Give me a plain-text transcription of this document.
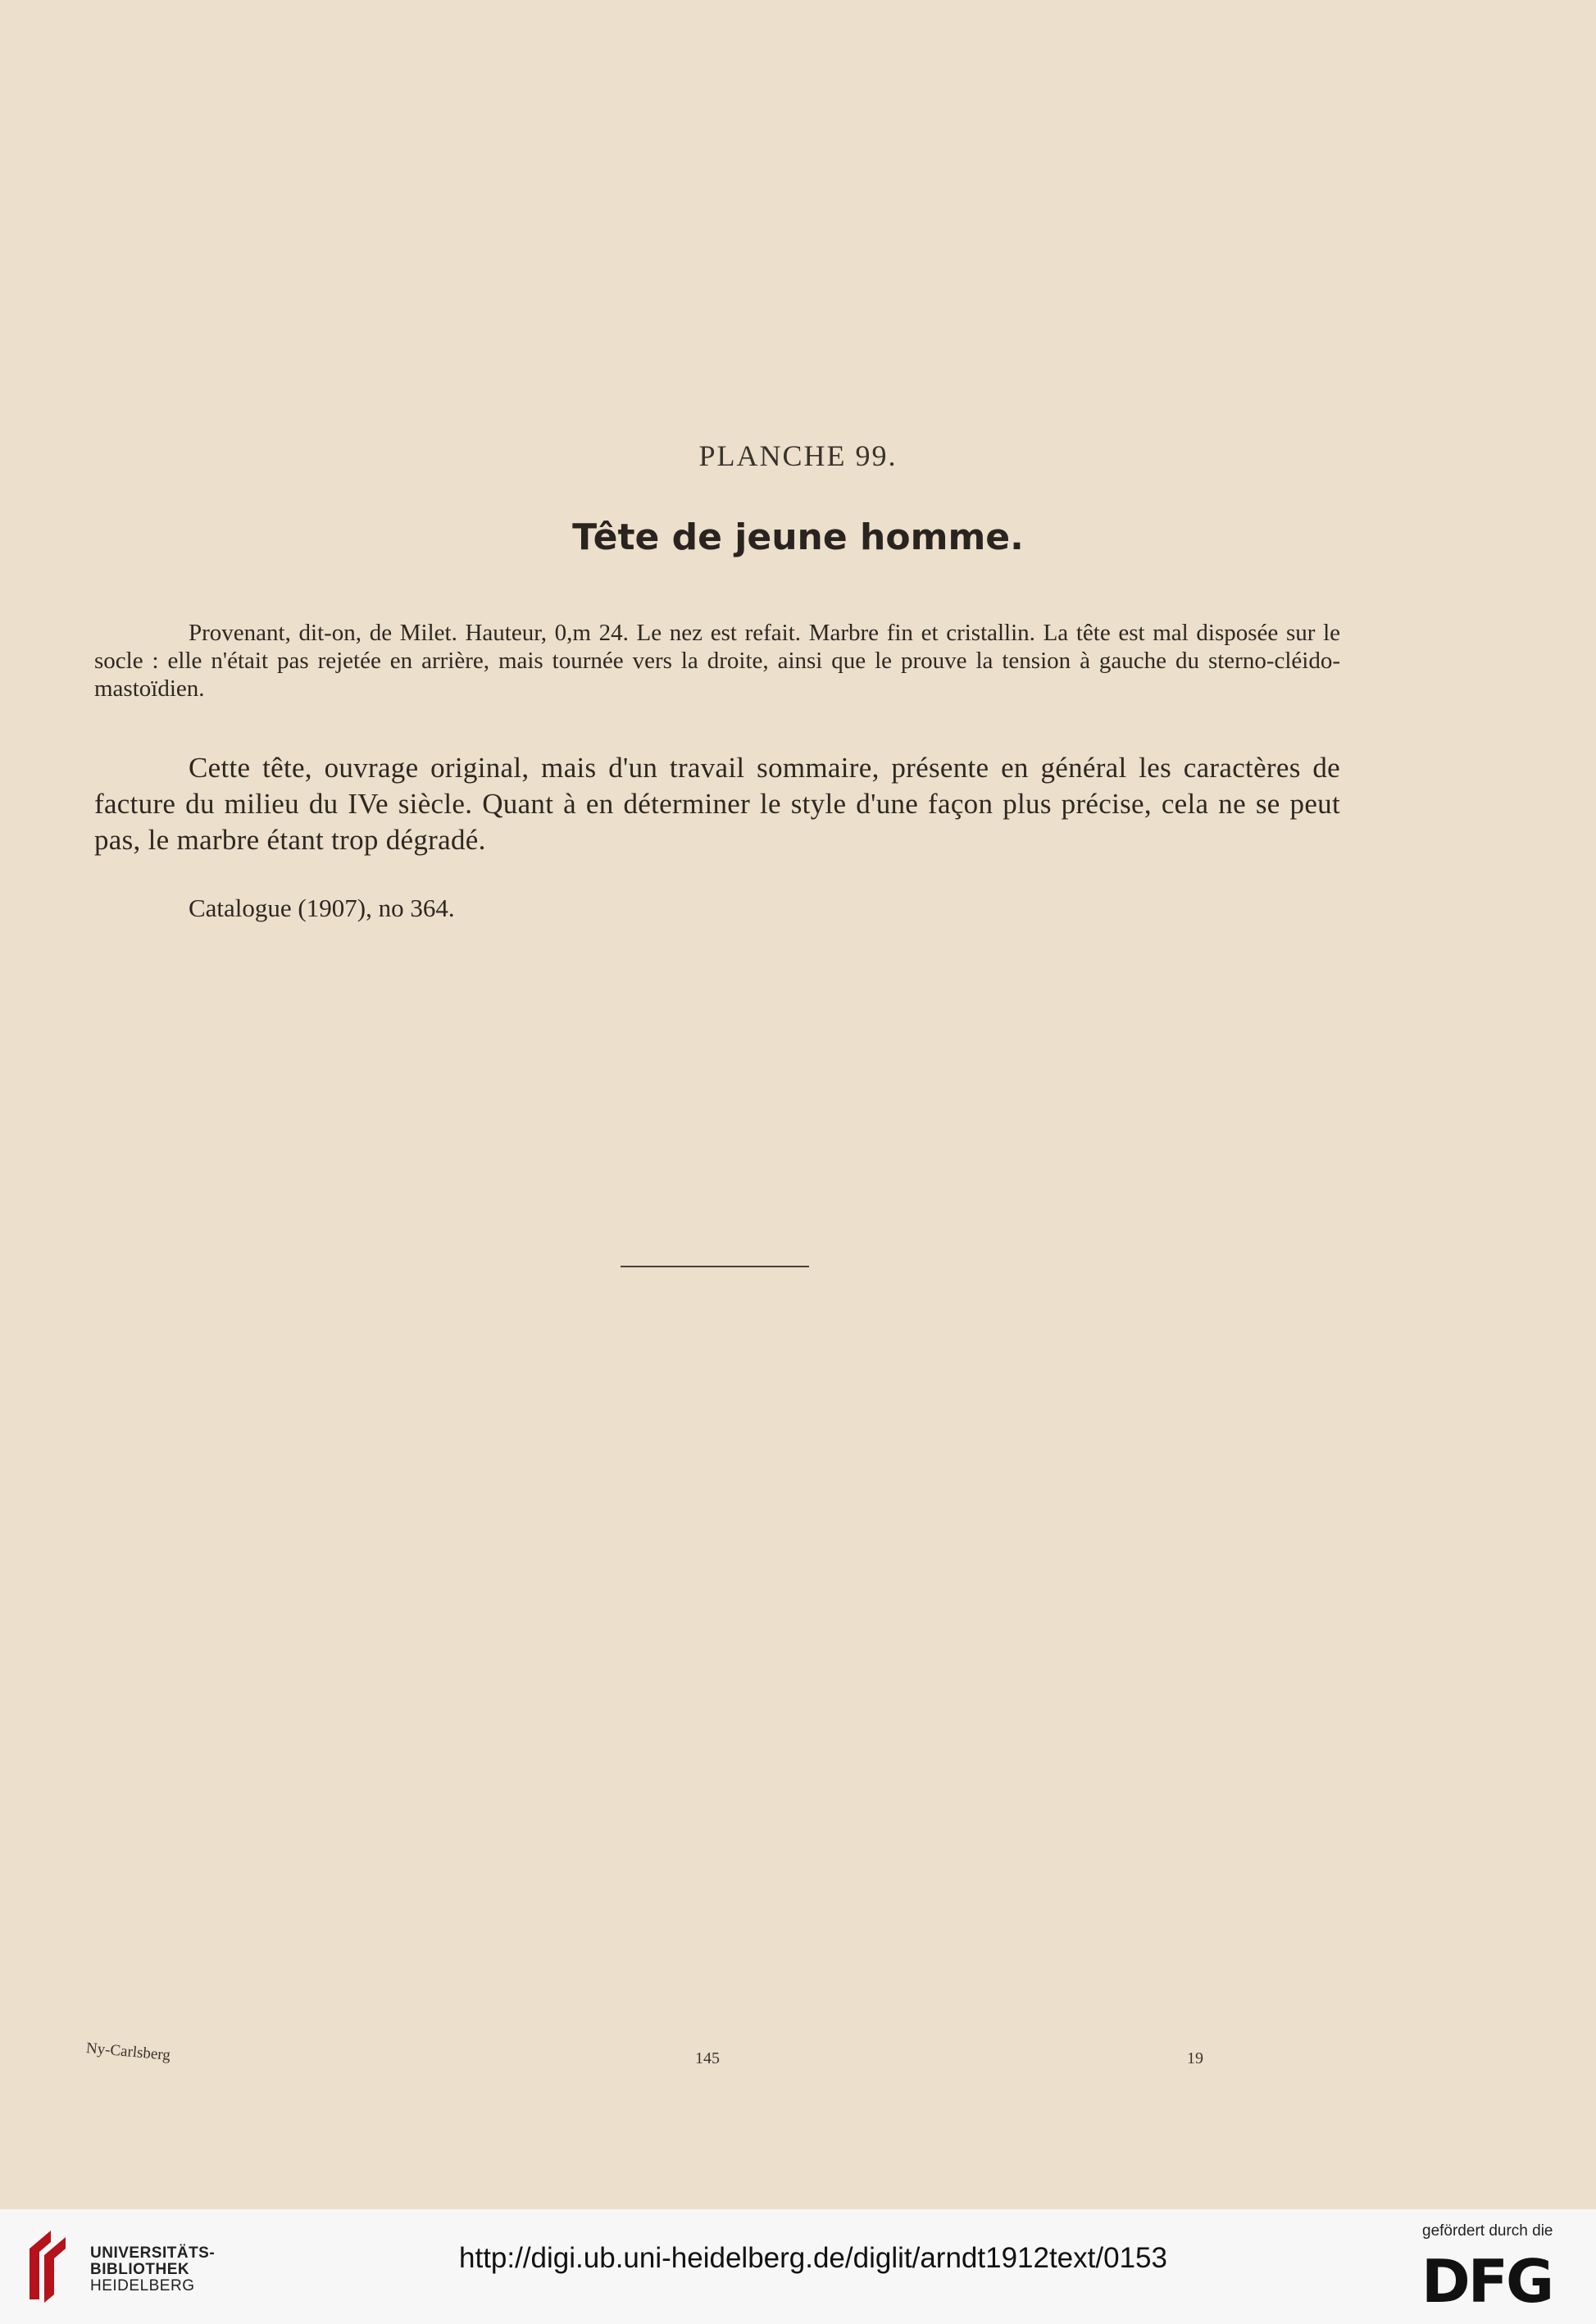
PLANCHE 99.
Tête de jeune homme.
Provenant, dit-on, de Milet. Hauteur, 0,m 24. Le nez est refait. Marbre fin et cristallin. La tête est mal disposée sur le socle : elle n'était pas rejetée en arrière, mais tournée vers la droite, ainsi que le prouve la tension à gauche du sterno-cléido-mastoïdien.
Cette tête, ouvrage original, mais d'un travail sommaire, présente en général les caractères de facture du milieu du IVe siècle. Quant à en déterminer le style d'une façon plus précise, cela ne se peut pas, le marbre étant trop dégradé.
Catalogue (1907), no 364.
Ny-Carlsberg	145	19
UNIVERSITÄTS-
BIBLIOTHEK
HEIDELBERG
http://digi.ub.uni-heidelberg.de/diglit/arndt1912text/0153
gefördert durch die
DFG
